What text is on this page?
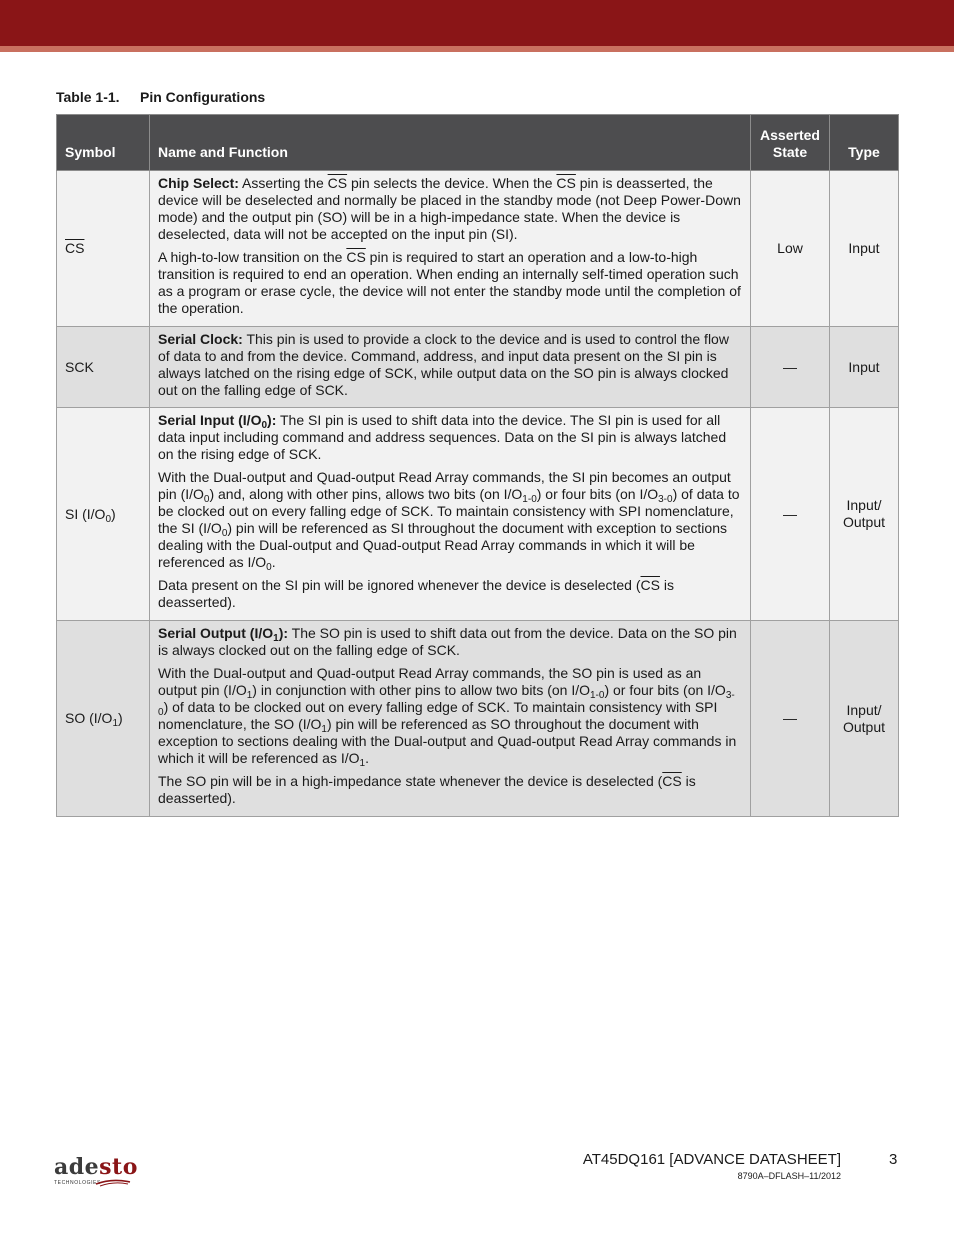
Table 1-1. Pin Configurations
Symbol	Name and Function	Asserted State	Type
$\overline{CS}$	Chip Select: Asserting the $\overline{CS}$ pin selects the device. When the $\overline{CS}$ pin is deasserted, the device will be deselected and normally be placed in the standby mode (not Deep Power-Down mode) and the output pin (SO) will be in a high-impedance state. When the device is deselected, data will not be accepted on the input pin (SI).

A high-to-low transition on the $\overline{CS}$ pin is required to start an operation and a low-to-high transition is required to end an operation. When ending an internally self-timed operation such as a program or erase cycle, the device will not enter the standby mode until the completion of the operation.	Low	Input
SCK	Serial Clock: This pin is used to provide a clock to the device and is used to control the flow of data to and from the device. Command, address, and input data present on the SI pin is always latched on the rising edge of SCK, while output data on the SO pin is always clocked out on the falling edge of SCK.	—	Input
SI $(I/O_0)$	Serial Input $(I/O_0)$: The SI pin is used to shift data into the device. The SI pin is used for all data input including command and address sequences. Data on the SI pin is always latched on the rising edge of SCK.

With the Dual-output and Quad-output Read Array commands, the SI pin becomes an output pin $(I/O_0)$ and, along with other pins, allows two bits (on $I/O_{1-0}$) or four bits (on $I/O_{3-0}$) of data to be clocked out on every falling edge of SCK. To maintain consistency with SPI nomenclature, the SI $(I/O_0)$ pin will be referenced as SI throughout the document with exception to sections dealing with the Dual-output and Quad-output Read Array commands in which it will be referenced as $I/O_0$.

Data present on the SI pin will be ignored whenever the device is deselected ($\overline{CS}$ is deasserted).	—	Input/ Output
SO $(I/O_1)$	Serial Output $(I/O_1)$: The SO pin is used to shift data out from the device. Data on the SO pin is always clocked out on the falling edge of SCK.

With the Dual-output and Quad-output Read Array commands, the SO pin is used as an output pin $(I/O_1)$ in conjunction with other pins to allow two bits (on $I/O_{1-0}$) or four bits (on $I/O_{3-0}$) of data to be clocked out on every falling edge of SCK. To maintain consistency with SPI nomenclature, the SO $(I/O_1)$ pin will be referenced as SO throughout the document with exception to sections dealing with the Dual-output and Quad-output Read Array commands in which it will be referenced as $I/O_1$.

The SO pin will be in a high-impedance state whenever the device is deselected ($\overline{CS}$ is deasserted).	—	Input/ Output
adesto
TECHNOLOGIES
AT45DQ161 [ADVANCE DATASHEET]
8790A–DFLASH–11/2012
3
